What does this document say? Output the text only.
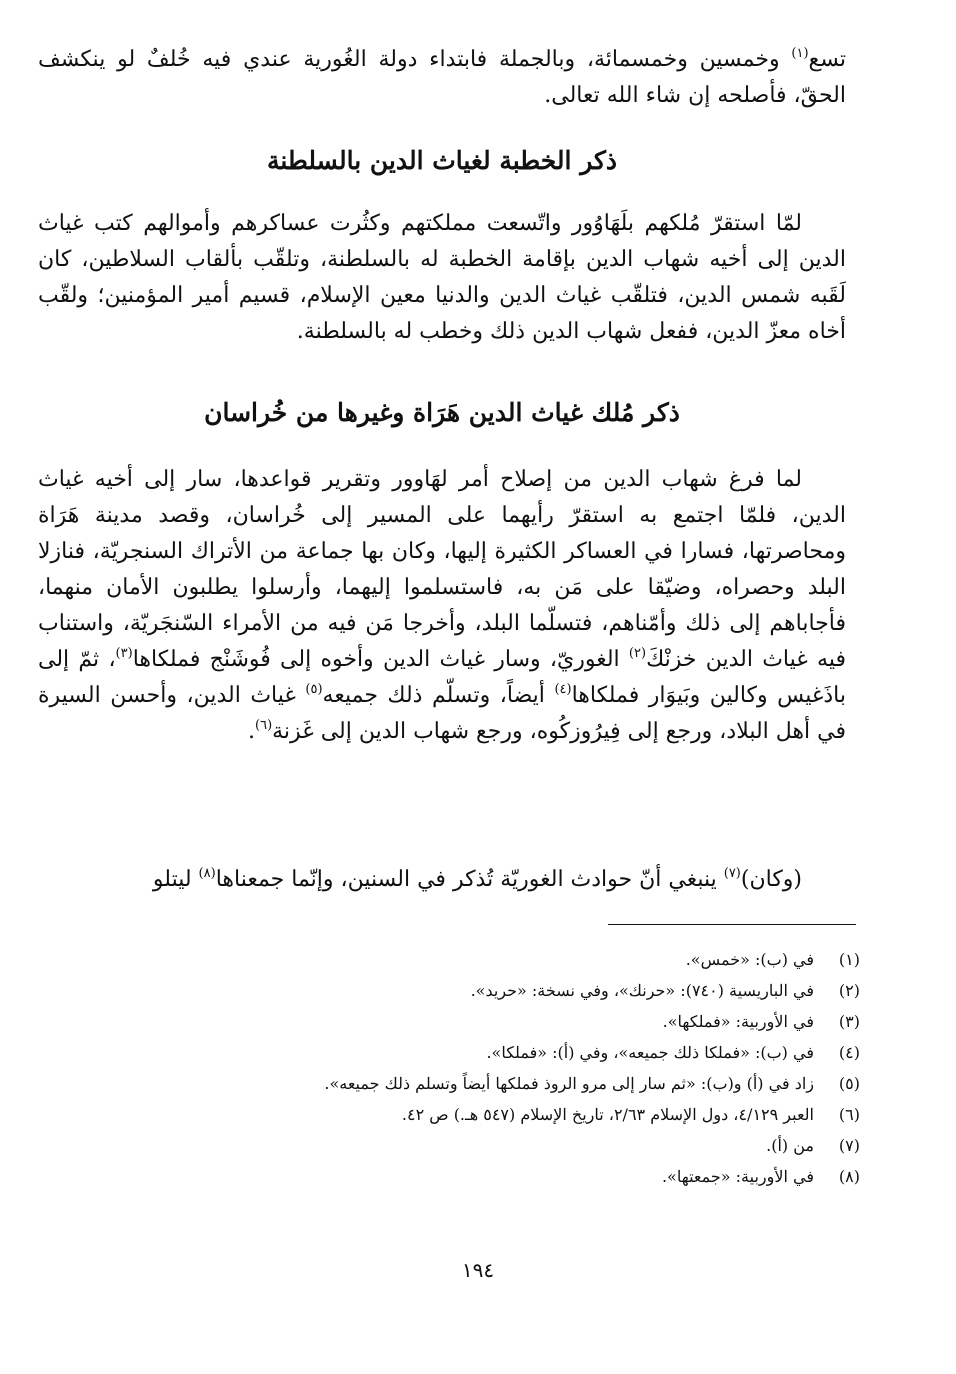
تسع$^{(١)}$ وخمسين وخمسمائة، وبالجملة فابتداء دولة الغُورية عندي فيه خُلفٌ لو ينكشف الحقّ، فأصلحه إن شاء الله تعالى.

ذكر الخطبة لغياث الدين بالسلطنة

لمّا استقرّ مُلكهم بلَهَاوُور واتّسعت مملكتهم وكثُرت عساكرهم وأموالهم كتب غياث الدين إلى أخيه شهاب الدين بإقامة الخطبة له بالسلطنة، وتلقّب بألقاب السلاطين، كان لَقَبه شمس الدين، فتلقّب غياث الدين والدنيا معين الإسلام، قسيم أمير المؤمنين؛ ولقّب أخاه معزّ الدين، ففعل شهاب الدين ذلك وخطب له بالسلطنة.

ذكر مُلك غياث الدين هَرَاة وغيرها من خُراسان

لما فرغ شهاب الدين من إصلاح أمر لهَاوور وتقرير قواعدها، سار إلى أخيه غياث الدين، فلمّا اجتمع به استقرّ رأيهما على المسير إلى خُراسان، وقصد مدينة هَرَاة ومحاصرتها، فسارا في العساكر الكثيرة إليها، وكان بها جماعة من الأتراك السنجريّة، فنازلا البلد وحصراه، وضيّقا على مَن به، فاستسلموا إليهما، وأرسلوا يطلبون الأمان منهما، فأجاباهم إلى ذلك وأمّناهم، فتسلّما البلد، وأخرجا مَن فيه من الأمراء السّنجَريّة، واستناب فيه غياث الدين خزنْكَ$^{(٢)}$ الغوريّ، وسار غياث الدين وأخوه إلى فُوشَنْج فملكاها$^{(٣)}$، ثمّ إلى باذَغيس وكالين وبَيوَار فملكاها$^{(٤)}$ أيضاً، وتسلّم ذلك جميعه$^{(٥)}$ غياث الدين، وأحسن السيرة في أهل البلاد، ورجع إلى فِيرُوزكُوه، ورجع شهاب الدين إلى غَزنة$^{(٦)}$.

(وكان)$^{(٧)}$ ينبغي أنّ حوادث الغوريّة تُذكر في السنين، وإنّما جمعناها$^{(٨)}$ ليتلو

(١)
في (ب): «خمس».
(٢)
في الباريسية (٧٤٠): «حرنك»، وفي نسخة: «حريد».
(٣)
في الأوربية: «فملكها».
(٤)
في (ب): «فملكا ذلك جميعه»، وفي (أ): «فملكا».
(٥)
زاد في (أ) و(ب): «ثم سار إلى مرو الروذ فملكها أيضاً وتسلم ذلك جميعه».
(٦)
العبر ٤/١٢٩، دول الإسلام ٢/٦٣، تاريخ الإسلام (٥٤٧ هـ.) ص ٤٢.
(٧)
من (أ).
(٨)
في الأوربية: «جمعتها».
١٩٤
